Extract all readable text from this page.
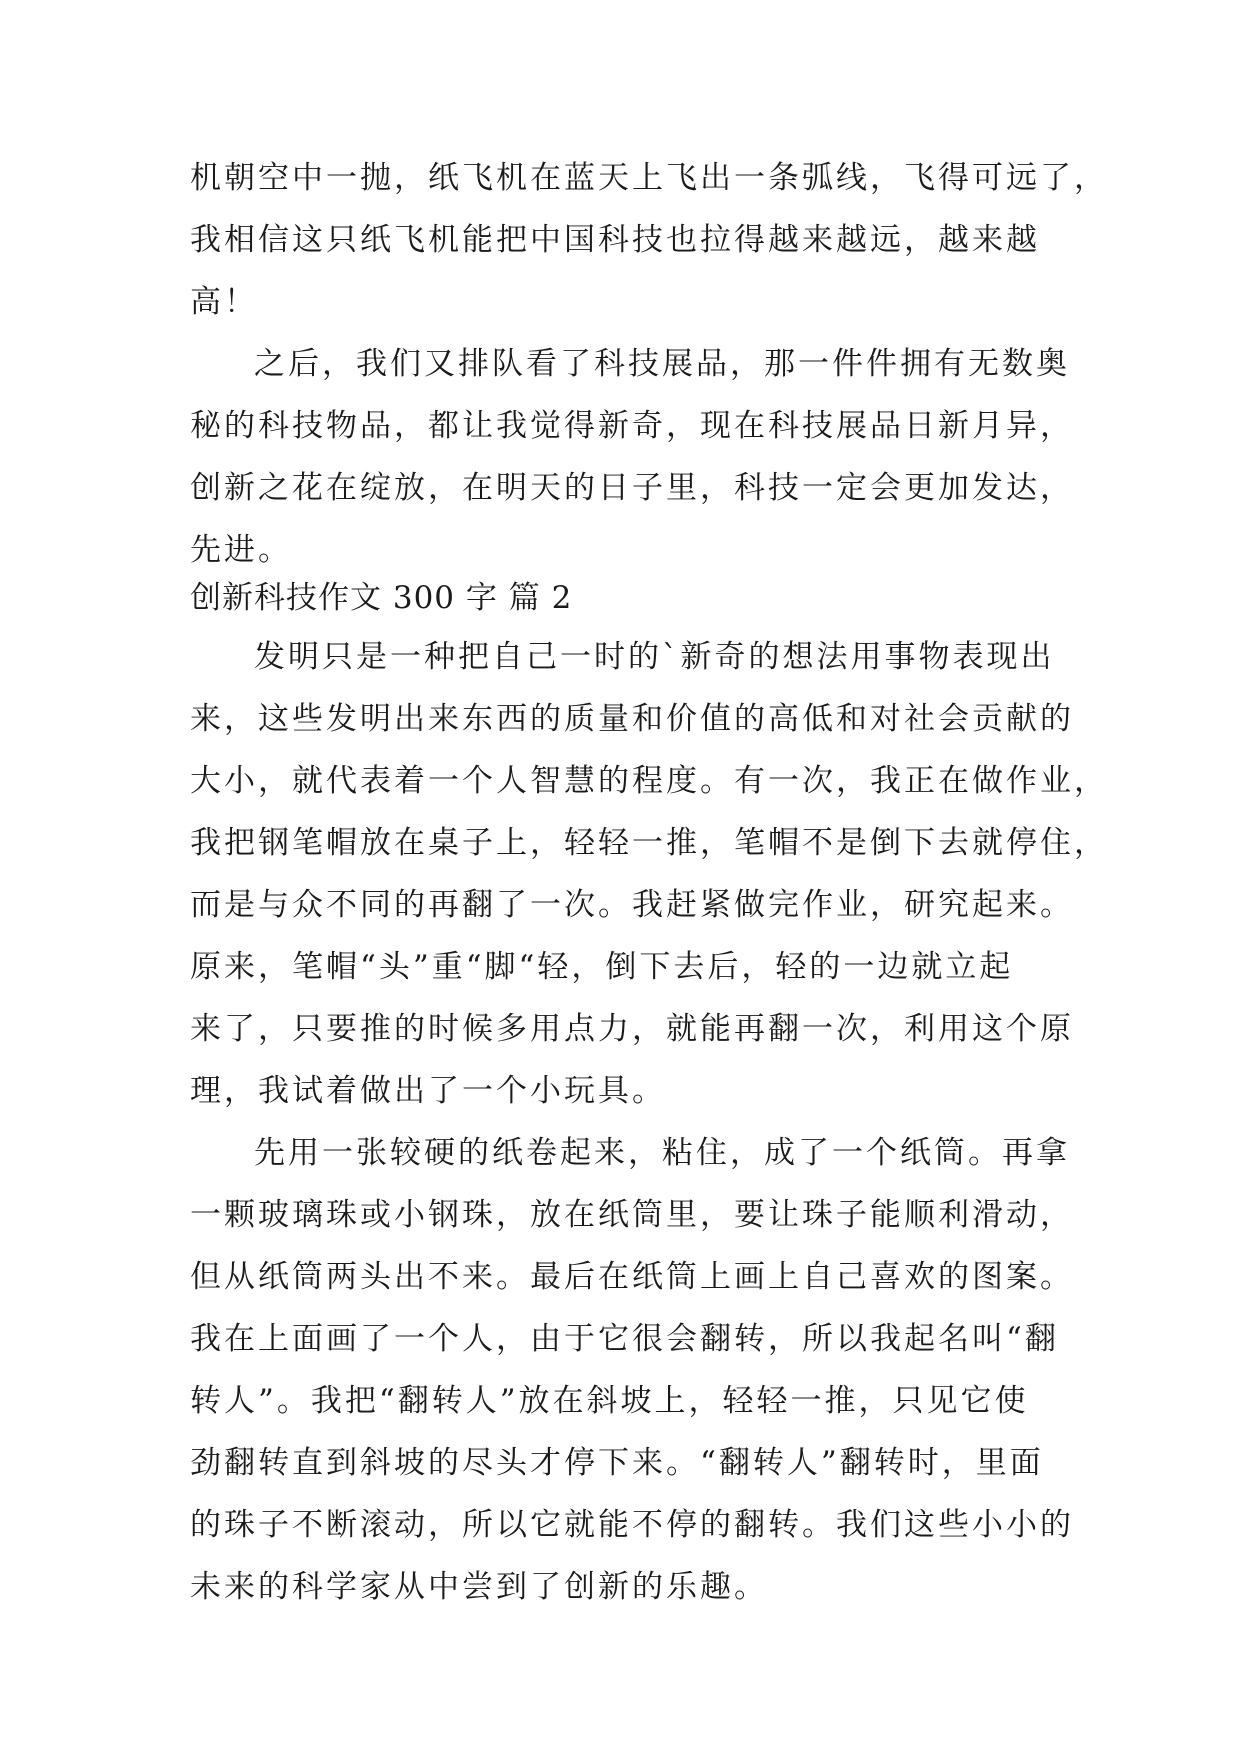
机朝空中一抛，纸飞机在蓝天上飞出一条弧线，飞得可远了，
我相信这只纸飞机能把中国科技也拉得越来越远，越来越
高！
之后，我们又排队看了科技展品，那一件件拥有无数奥
秘的科技物品，都让我觉得新奇，现在科技展品日新月异，
创新之花在绽放，在明天的日子里，科技一定会更加发达，
先进。
创新科技作文 300 字 篇 2
发明只是一种把自己一时的`新奇的想法用事物表现出
来，这些发明出来东西的质量和价值的高低和对社会贡献的
大小，就代表着一个人智慧的程度。有一次，我正在做作业，
我把钢笔帽放在桌子上，轻轻一推，笔帽不是倒下去就停住，
而是与众不同的再翻了一次。我赶紧做完作业，研究起来。
原来，笔帽“头”重“脚“轻，倒下去后，轻的一边就立起
来了，只要推的时候多用点力，就能再翻一次，利用这个原
理，我试着做出了一个小玩具。
先用一张较硬的纸卷起来，粘住，成了一个纸筒。再拿
一颗玻璃珠或小钢珠，放在纸筒里，要让珠子能顺利滑动，
但从纸筒两头出不来。最后在纸筒上画上自己喜欢的图案。
我在上面画了一个人，由于它很会翻转，所以我起名叫“翻
转人”。我把“翻转人”放在斜坡上，轻轻一推，只见它使
劲翻转直到斜坡的尽头才停下来。“翻转人”翻转时，里面
的珠子不断滚动，所以它就能不停的翻转。我们这些小小的
未来的科学家从中尝到了创新的乐趣。
